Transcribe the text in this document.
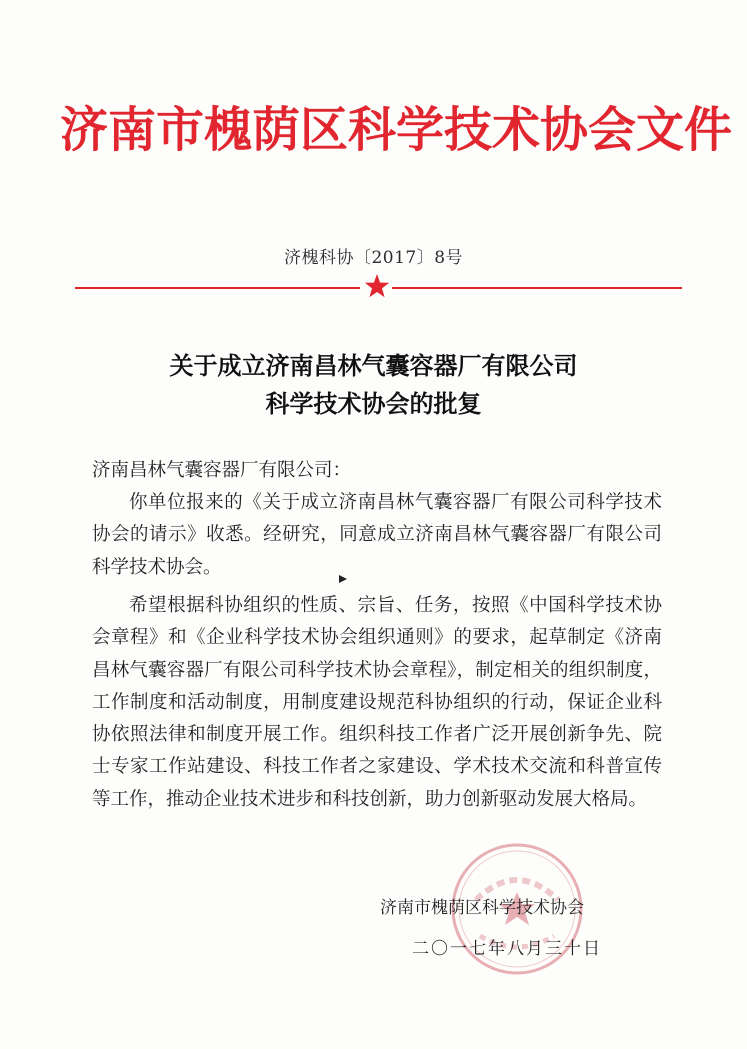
济南市槐荫区科学技术协会文件
济槐科协〔2017〕8号
关于成立济南昌林气囊容器厂有限公司
科学技术协会的批复
济南昌林气囊容器厂有限公司：
你单位报来的《关于成立济南昌林气囊容器厂有限公司科学技术协会的请示》收悉。经研究，同意成立济南昌林气囊容器厂有限公司科学技术协会。
希望根据科协组织的性质、宗旨、任务，按照《中国科学技术协会章程》和《企业科学技术协会组织通则》的要求，起草制定《济南昌林气囊容器厂有限公司科学技术协会章程》，制定相关的组织制度，工作制度和活动制度，用制度建设规范科协组织的行动，保证企业科协依照法律和制度开展工作。组织科技工作者广泛开展创新争先、院士专家工作站建设、科技工作者之家建设、学术技术交流和科普宣传等工作，推动企业技术进步和科技创新，助力创新驱动发展大格局。
济南市槐荫区科学技术协会
二〇一七年八月三十日
